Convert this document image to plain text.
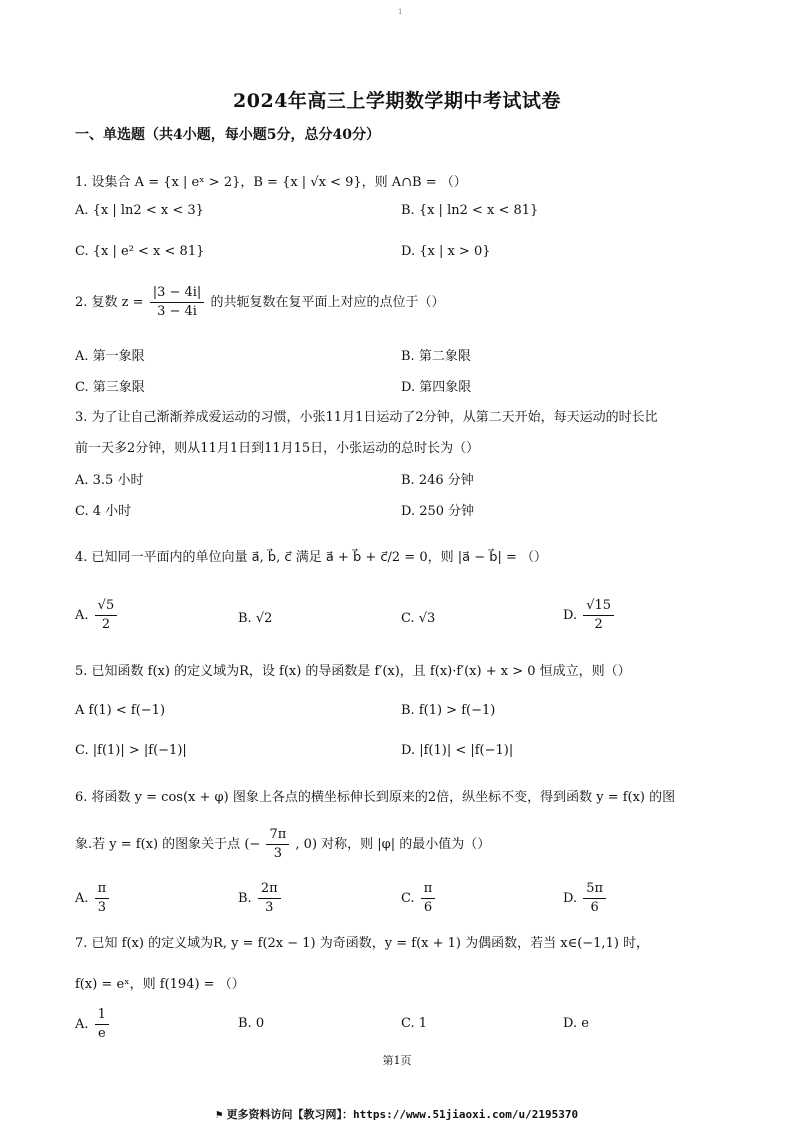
1
2024年高三上学期数学期中考试试卷
一、单选题（共4小题，每小题5分，总分40分）
1. 设集合 A = {x | eˣ > 2}，B = {x | √x < 9}，则 A∩B = （）
A. {x | ln2 < x < 3}	B. {x | ln2 < x < 81}
C. {x | e² < x < 81}	D. {x | x > 0}
2. 复数 $z = \frac{|3 - 4i|}{3 - 4i}$ 的共轭复数在复平面上对应的点位于（）
A. 第一象限	B. 第二象限
C. 第三象限	D. 第四象限
3. 为了让自己渐渐养成爱运动的习惯，小张11月1日运动了2分钟，从第二天开始，每天运动的时长比
前一天多2分钟，则从11月1日到11月15日，小张运动的总时长为（）
A. 3.5 小时	B. 246 分钟
C. 4 小时	D. 250 分钟
4. 已知同一平面内的单位向量 a⃗, b⃗, c⃗ 满足 a⃗ + b⃗ + c⃗/2 = 0，则 |a⃗ − b⃗| = （）
A. $\frac{√5}{2}$	B. √2	C. √3	D. $\frac{√15}{2}$
5. 已知函数 f(x) 的定义域为R，设 f(x) 的导函数是 f′(x)，且 f(x)·f′(x) + x > 0 恒成立，则（）
A f(1) < f(−1)	B. f(1) > f(−1)
C. |f(1)| > |f(−1)|	D. |f(1)| < |f(−1)|
6. 将函数 y = cos(x + φ) 图象上各点的横坐标伸长到原来的2倍，纵坐标不变，得到函数 y = f(x) 的图
象.若 y = f(x) 的图象关于点 (− $\frac{7\pi}{3}$ , 0) 对称，则 |φ| 的最小值为（）
A. $\frac{\pi}{3}$	B. $\frac{2\pi}{3}$	C. $\frac{\pi}{6}$	D. $\frac{5\pi}{6}$
7. 已知 f(x) 的定义域为R, y = f(2x − 1) 为奇函数，y = f(x + 1) 为偶函数，若当 x∈(−1,1) 时，
f(x) = eˣ，则 f(194) = （）
A. $\frac{1}{e}$	B. 0	C. 1	D. e
第1页
⚑ 更多资料访问【教习网】：https://www.51jiaoxi.com/u/2195370
